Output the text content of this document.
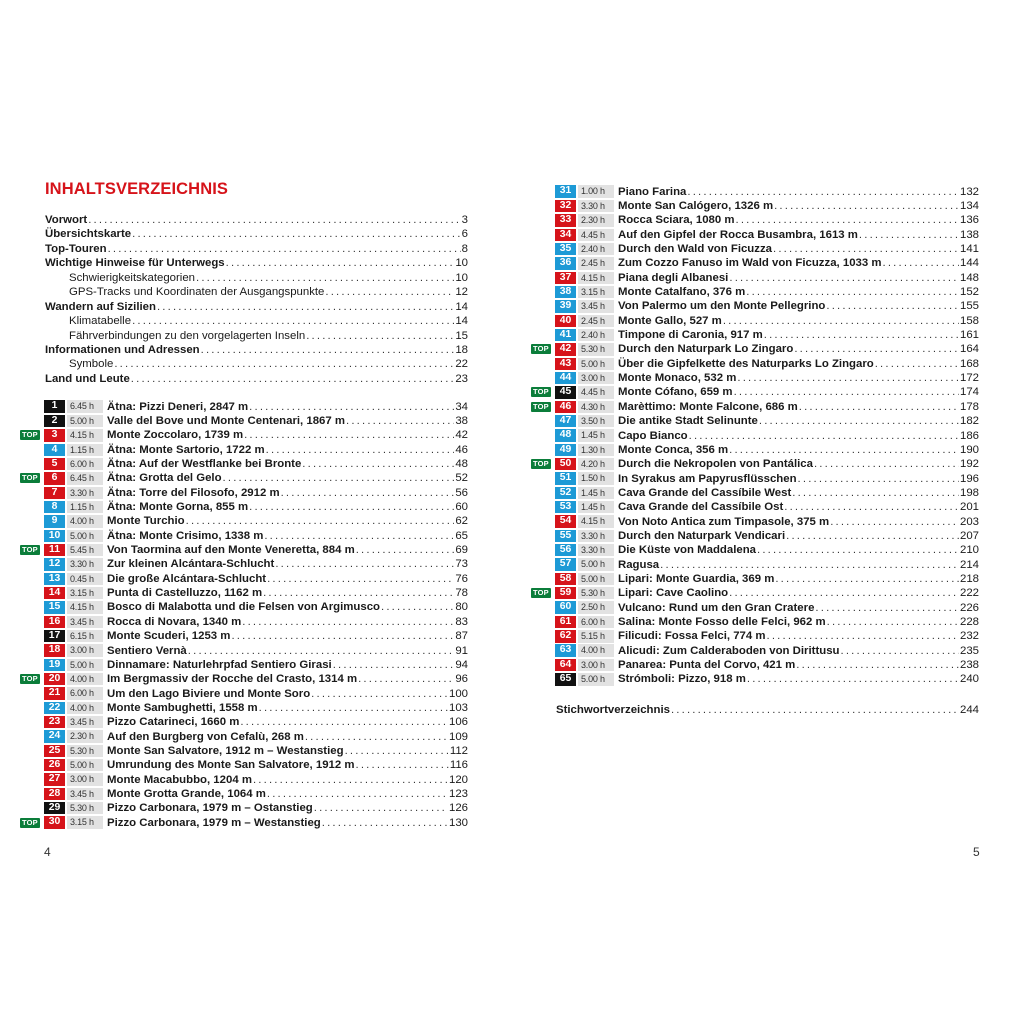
INHALTSVERZEICHNIS
Vorwort . . .	3
Übersichtskarte . . .	6
Top-Touren . . .	8
Wichtige Hinweise für Unterwegs . . .	10
Schwierigkeitskategorien . . .	10
GPS-Tracks und Koordinaten der Ausgangspunkte . . .	12
Wandern auf Sizilien . . .	14
Klimatabelle . . .	14
Fährverbindungen zu den vorgelagerten Inseln . . .	15
Informationen und Adressen . . .	18
Symbole . . .	22
Land und Leute . . .	23
1	6.45 h	Ätna: Pizzi Deneri, 2847 m . . .	34
2	5.00 h	Valle del Bove und Monte Centenari, 1867 m . . .	38
TOP	3	4.15 h	Monte Zoccolaro, 1739 m . . .	42
4	1.15 h	Ätna: Monte Sartorio, 1722 m . . .	46
5	6.00 h	Ätna: Auf der Westflanke bei Bronte . . .	48
TOP	6	6.45 h	Ätna: Grotta del Gelo . . .	52
7	3.30 h	Ätna: Torre del Filosofo, 2912 m . . .	56
8	1.15 h	Ätna: Monte Gorna, 855 m . . .	60
9	4.00 h	Monte Turchio . . .	62
10	5.00 h	Ätna: Monte Crisimo, 1338 m . . .	65
TOP	11	5.45 h	Von Taormina auf den Monte Veneretta, 884 m . . .	69
12	3.30 h	Zur kleinen Alcántara-Schlucht . . .	73
13	0.45 h	Die große Alcántara-Schlucht . . .	76
14	3.15 h	Punta di Castelluzzo, 1162 m . . .	78
15	4.15 h	Bosco di Malabotta und die Felsen von Argimusco . . .	80
16	3.45 h	Rocca di Novara, 1340 m . . .	83
17	6.15 h	Monte Scuderi, 1253 m . . .	87
18	3.00 h	Sentiero Vernà . . .	91
19	5.00 h	Dinnamare: Naturlehrpfad Sentiero Girasi . . .	94
TOP	20	4.00 h	Im Bergmassiv der Rocche del Crasto, 1314 m . . .	96
21	6.00 h	Um den Lago Biviere und Monte Soro . . .	100
22	4.00 h	Monte Sambughetti, 1558 m . . .	103
23	3.45 h	Pizzo Catarineci, 1660 m . . .	106
24	2.30 h	Auf den Burgberg von Cefalù, 268 m . . .	109
25	5.30 h	Monte San Salvatore, 1912 m – Westanstieg . . .	112
26	5.00 h	Umrundung des Monte San Salvatore, 1912 m . . .	116
27	3.00 h	Monte Macabubbo, 1204 m . . .	120
28	3.45 h	Monte Grotta Grande, 1064 m . . .	123
29	5.30 h	Pizzo Carbonara, 1979 m – Ostanstieg . . .	126
TOP	30	3.15 h	Pizzo Carbonara, 1979 m – Westanstieg . . .	130
4	5
31	1.00 h	Piano Farina . . .	132
32	3.30 h	Monte San Calógero, 1326 m . . .	134
33	2.30 h	Rocca Sciara, 1080 m . . .	136
34	4.45 h	Auf den Gipfel der Rocca Busambra, 1613 m . . .	138
35	2.40 h	Durch den Wald von Ficuzza . . .	141
36	2.45 h	Zum Cozzo Fanuso im Wald von Ficuzza, 1033 m . . .	144
37	4.15 h	Piana degli Albanesi . . .	148
38	3.15 h	Monte Catalfano, 376 m . . .	152
39	3.45 h	Von Palermo um den Monte Pellegrino . . .	155
40	2.45 h	Monte Gallo, 527 m . . .	158
41	2.40 h	Timpone di Caronia, 917 m . . .	161
TOP	42	5.30 h	Durch den Naturpark Lo Zingaro . . .	164
43	5.00 h	Über die Gipfelkette des Naturparks Lo Zingaro . . .	168
44	3.00 h	Monte Monaco, 532 m . . .	172
TOP	45	4.45 h	Monte Cófano, 659 m . . .	174
TOP	46	4.30 h	Marèttimo: Monte Falcone, 686 m . . .	178
47	3.50 h	Die antike Stadt Selinunte . . .	182
48	1.45 h	Capo Bianco . . .	186
49	1.30 h	Monte Conca, 356 m . . .	190
TOP	50	4.20 h	Durch die Nekropolen von Pantálica . . .	192
51	1.50 h	In Syrakus am Papyrusflüsschen . . .	196
52	1.45 h	Cava Grande del Cassíbile West . . .	198
53	1.45 h	Cava Grande del Cassíbile Ost . . .	201
54	4.15 h	Von Noto Antica zum Timpasole, 375 m . . .	203
55	3.30 h	Durch den Naturpark Vendicari . . .	207
56	3.30 h	Die Küste von Maddalena . . .	210
57	5.00 h	Ragusa . . .	214
58	5.00 h	Lipari: Monte Guardia, 369 m . . .	218
TOP	59	5.30 h	Lipari: Cave Caolino . . .	222
60	2.50 h	Vulcano: Rund um den Gran Cratere . . .	226
61	6.00 h	Salina: Monte Fosso delle Felci, 962 m . . .	228
62	5.15 h	Filicudi: Fossa Felci, 774 m . . .	232
63	4.00 h	Alicudi: Zum Calderaboden von Dirittusu . . .	235
64	3.00 h	Panarea: Punta del Corvo, 421 m . . .	238
65	5.00 h	Strómboli: Pizzo, 918 m . . .	240
Stichwortverzeichnis . . .	244
